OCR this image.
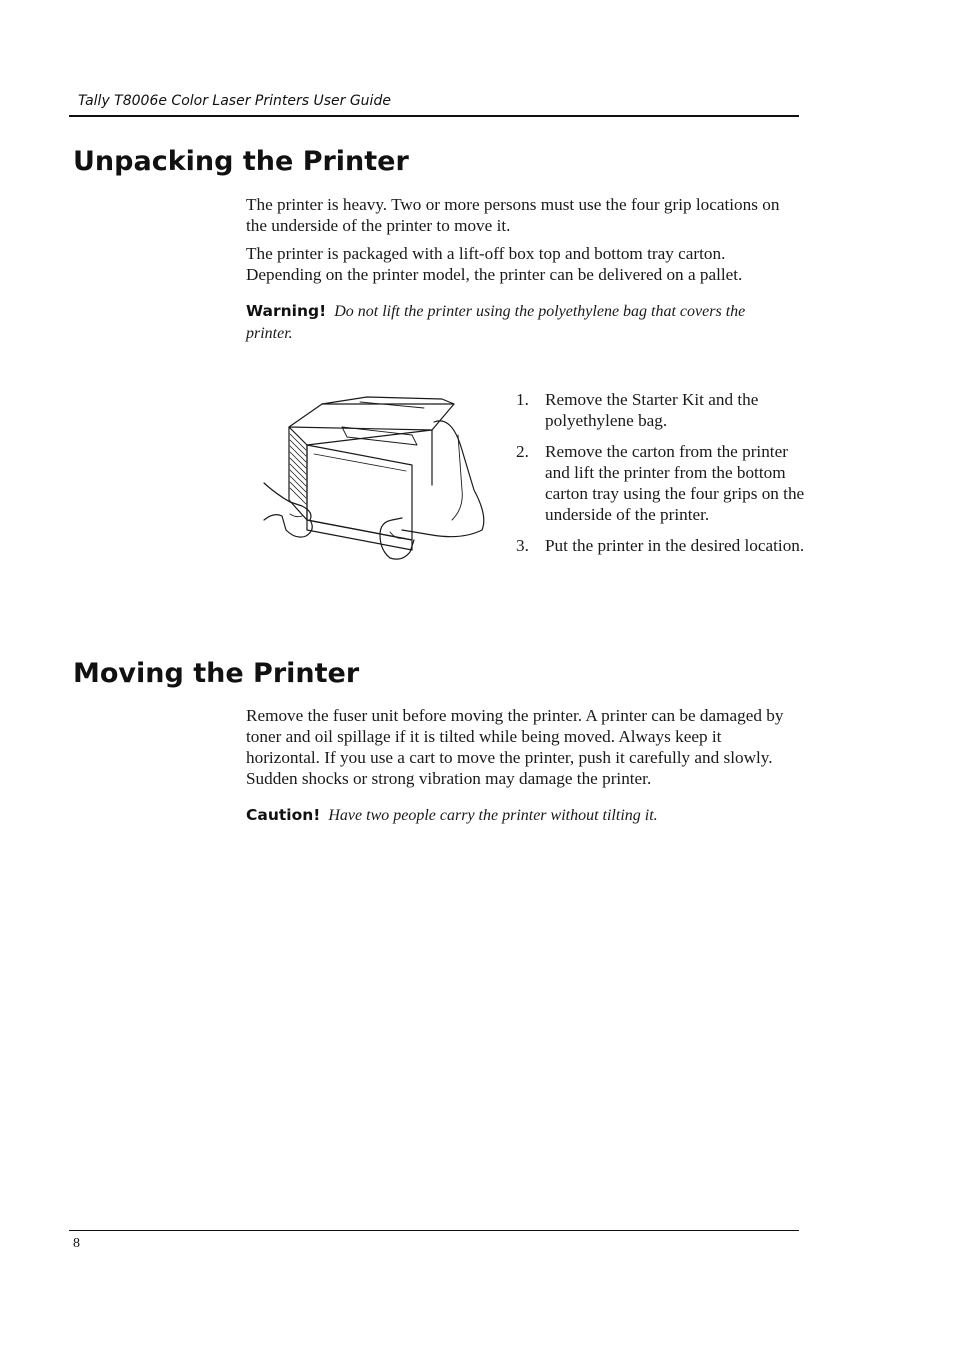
Tally T8006e Color Laser Printers User Guide
Unpacking the Printer

The printer is heavy. Two or more persons must use the four grip locations on the underside of the printer to move it.

The printer is packaged with a lift-off box top and bottom tray carton. Depending on the printer model, the printer can be delivered on a pallet.

Warning! Do not lift the printer using the polyethylene bag that covers the printer.

1. Remove the Starter Kit and the polyethylene bag.
2. Remove the carton from the printer and lift the printer from the bottom carton tray using the four grips on the underside of the printer.
3. Put the printer in the desired location.
Moving the Printer

Remove the fuser unit before moving the printer. A printer can be damaged by toner and oil spillage if it is tilted while being moved. Always keep it horizontal. If you use a cart to move the printer, push it carefully and slowly. Sudden shocks or strong vibration may damage the printer.

Caution! Have two people carry the printer without tilting it.

8
